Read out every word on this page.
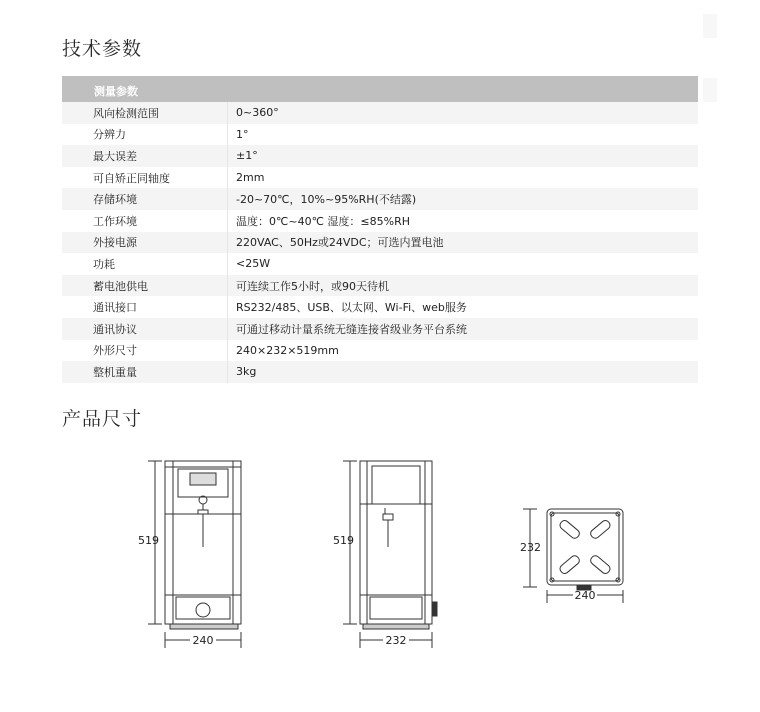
技术参数
测量参数	
风向检测范围	0~360°
分辨力	1°
最大误差	±1°
可自矫正同轴度	2mm
存储环境	-20~70℃，10%~95%RH(不结露)
工作环境	温度：0℃~40℃ 湿度：≤85%RH
外接电源	220VAC、50Hz或24VDC；可选内置电池
功耗	<25W
蓄电池供电	可连续工作5小时，或90天待机
通讯接口	RS232/485、USB、以太网、Wi-Fi、web服务
通讯协议	可通过移动计量系统无缝连接省级业务平台系统
外形尺寸	240×232×519mm
整机重量	3kg
产品尺寸
519
240
519
232
232
240
